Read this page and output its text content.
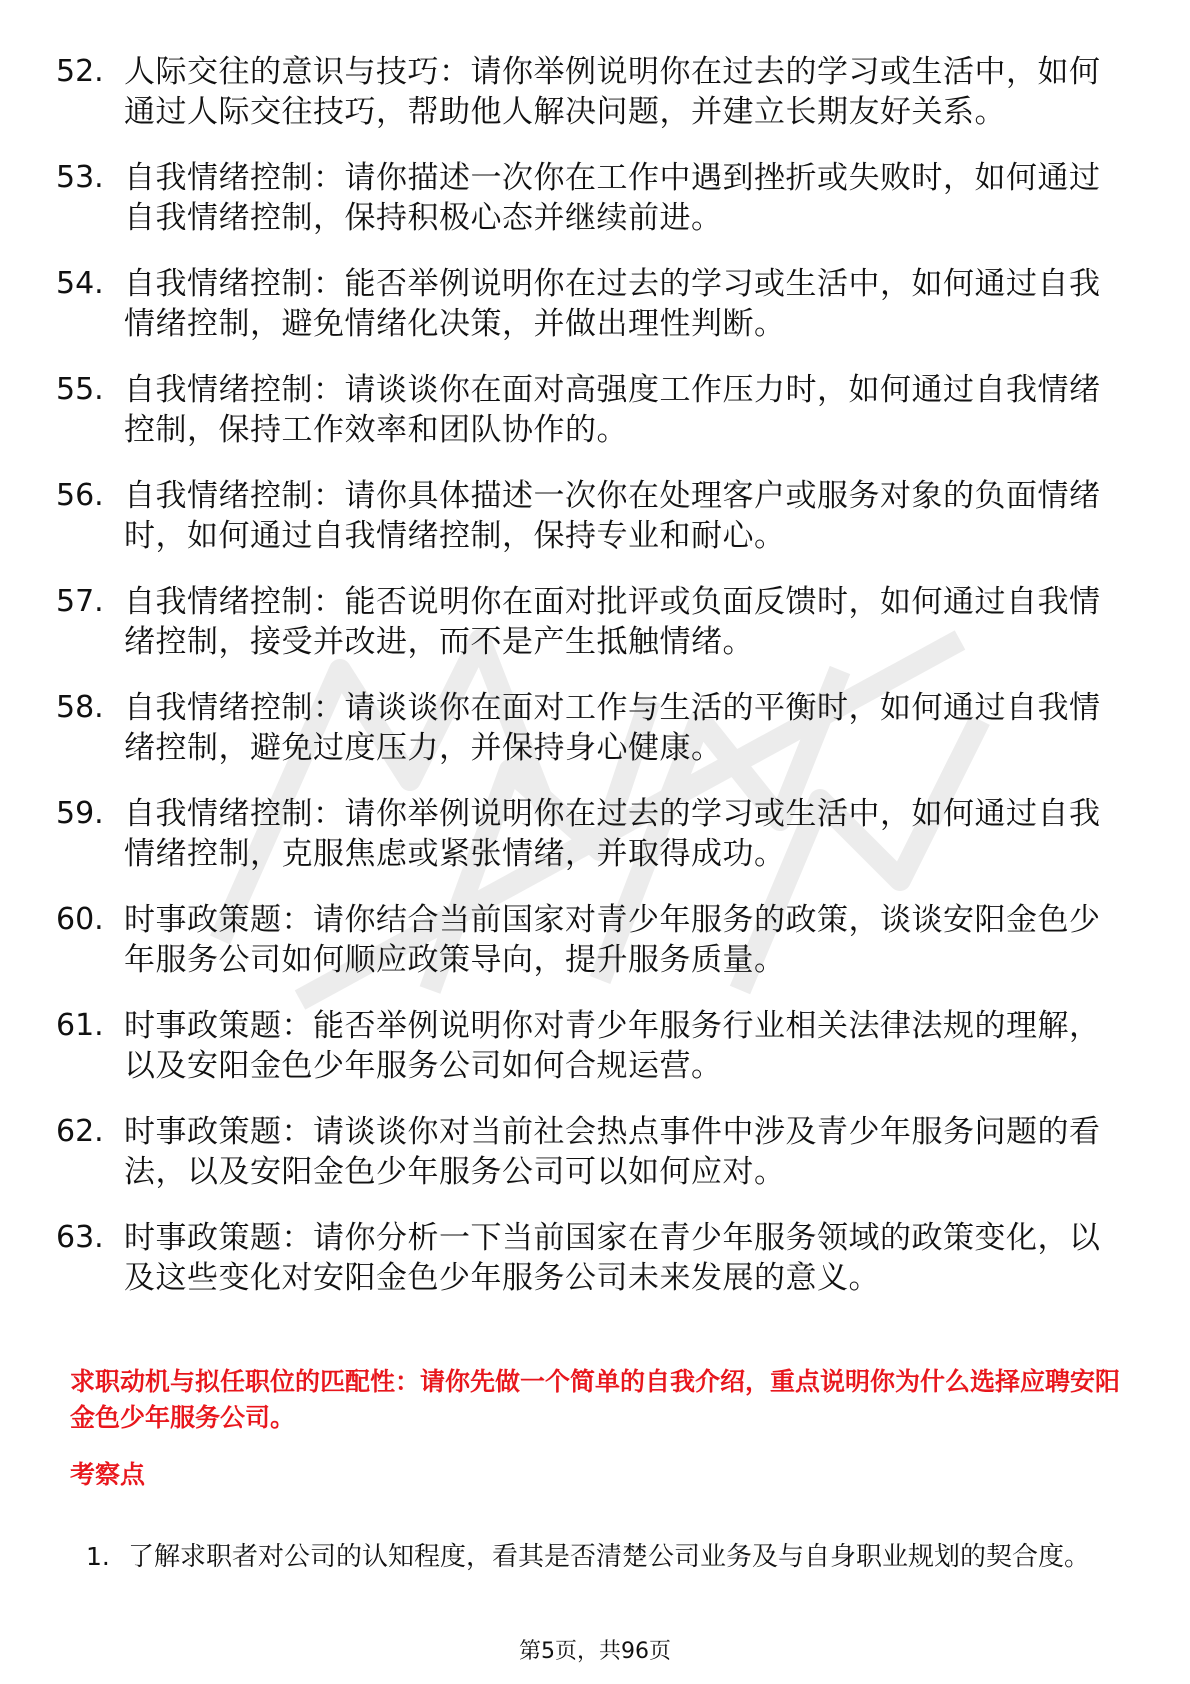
52. 人际交往的意识与技巧：请你举例说明你在过去的学习或生活中，如何通过人际交往技巧，帮助他人解决问题，并建立长期友好关系。
53. 自我情绪控制：请你描述一次你在工作中遇到挫折或失败时，如何通过自我情绪控制，保持积极心态并继续前进。
54. 自我情绪控制：能否举例说明你在过去的学习或生活中，如何通过自我情绪控制，避免情绪化决策，并做出理性判断。
55. 自我情绪控制：请谈谈你在面对高强度工作压力时，如何通过自我情绪控制，保持工作效率和团队协作的。
56. 自我情绪控制：请你具体描述一次你在处理客户或服务对象的负面情绪时，如何通过自我情绪控制，保持专业和耐心。
57. 自我情绪控制：能否说明你在面对批评或负面反馈时，如何通过自我情绪控制，接受并改进，而不是产生抵触情绪。
58. 自我情绪控制：请谈谈你在面对工作与生活的平衡时，如何通过自我情绪控制，避免过度压力，并保持身心健康。
59. 自我情绪控制：请你举例说明你在过去的学习或生活中，如何通过自我情绪控制，克服焦虑或紧张情绪，并取得成功。
60. 时事政策题：请你结合当前国家对青少年服务的政策，谈谈安阳金色少年服务公司如何顺应政策导向，提升服务质量。
61. 时事政策题：能否举例说明你对青少年服务行业相关法律法规的理解，以及安阳金色少年服务公司如何合规运营。
62. 时事政策题：请谈谈你对当前社会热点事件中涉及青少年服务问题的看法，以及安阳金色少年服务公司可以如何应对。
63. 时事政策题：请你分析一下当前国家在青少年服务领域的政策变化，以及这些变化对安阳金色少年服务公司未来发展的意义。
求职动机与拟任职位的匹配性：请你先做一个简单的自我介绍，重点说明你为什么选择应聘安阳金色少年服务公司。
考察点
1. 了解求职者对公司的认知程度，看其是否清楚公司业务及与自身职业规划的契合度。
第5页，共96页
